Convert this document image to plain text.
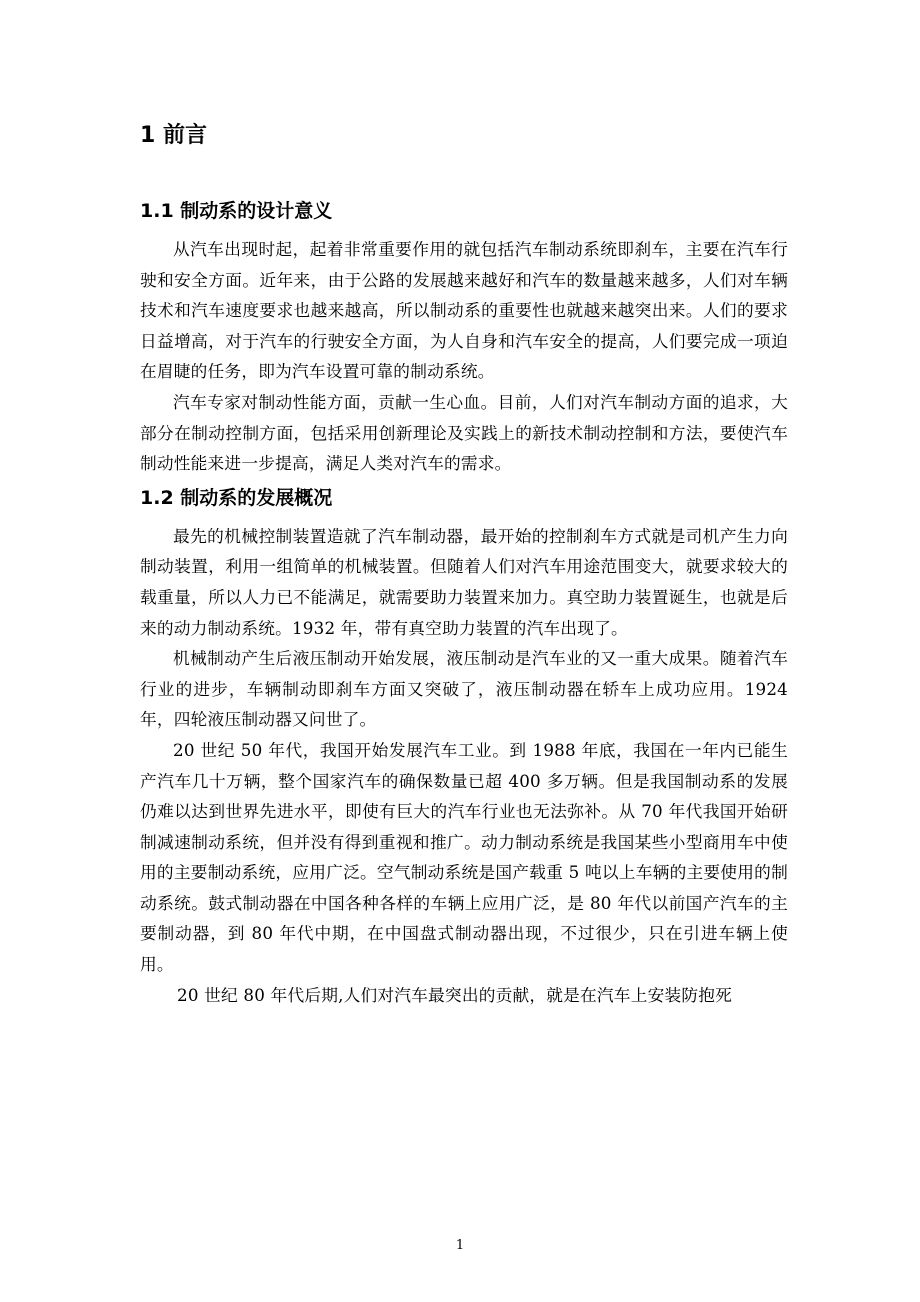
1 前言
1.1 制动系的设计意义

从汽车出现时起，起着非常重要作用的就包括汽车制动系统即刹车，主要在汽车行驶和安全方面。近年来，由于公路的发展越来越好和汽车的数量越来越多，人们对车辆技术和汽车速度要求也越来越高，所以制动系的重要性也就越来越突出来。人们的要求日益增高，对于汽车的行驶安全方面，为人自身和汽车安全的提高，人们要完成一项迫在眉睫的任务，即为汽车设置可靠的制动系统。

汽车专家对制动性能方面，贡献一生心血。目前，人们对汽车制动方面的追求，大部分在制动控制方面，包括采用创新理论及实践上的新技术制动控制和方法，要使汽车制动性能来进一步提高，满足人类对汽车的需求。

1.2 制动系的发展概况

最先的机械控制装置造就了汽车制动器，最开始的控制刹车方式就是司机产生力向制动装置，利用一组简单的机械装置。但随着人们对汽车用途范围变大，就要求较大的载重量，所以人力已不能满足，就需要助力装置来加力。真空助力装置诞生，也就是后来的动力制动系统。1932 年，带有真空助力装置的汽车出现了。

机械制动产生后液压制动开始发展，液压制动是汽车业的又一重大成果。随着汽车行业的进步，车辆制动即刹车方面又突破了，液压制动器在轿车上成功应用。1924 年，四轮液压制动器又问世了。

20 世纪 50 年代，我国开始发展汽车工业。到 1988 年底，我国在一年内已能生产汽车几十万辆，整个国家汽车的确保数量已超 400 多万辆。但是我国制动系的发展仍难以达到世界先进水平，即使有巨大的汽车行业也无法弥补。从 70 年代我国开始研制减速制动系统，但并没有得到重视和推广。动力制动系统是我国某些小型商用车中使用的主要制动系统，应用广泛。空气制动系统是国产载重 5 吨以上车辆的主要使用的制动系统。鼓式制动器在中国各种各样的车辆上应用广泛，是 80 年代以前国产汽车的主要制动器，到 80 年代中期，在中国盘式制动器出现，不过很少，只在引进车辆上使用。

20 世纪 80 年代后期,人们对汽车最突出的贡献，就是在汽车上安装防抱死

1
